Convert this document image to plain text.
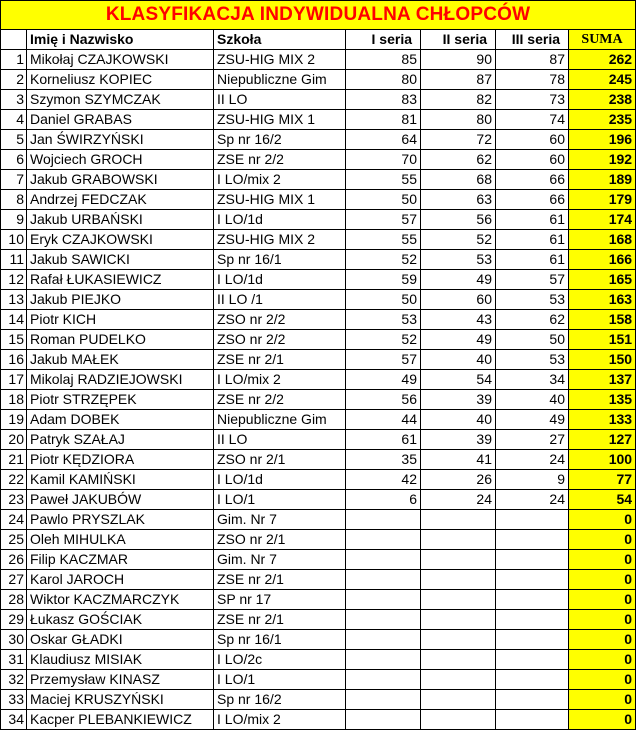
KLASYFIKACJA INDYWIDUALNA CHŁOPCÓW						
	Imię i Nazwisko	Szkoła	I seria	II seria	III seria	SUMA
1	Mikołaj CZAJKOWSKI	ZSU-HIG MIX 2	85	90	87	262
2	Korneliusz KOPIEC	Niepubliczne Gim	80	87	78	245
3	Szymon SZYMCZAK	II LO	83	82	73	238
4	Daniel GRABAS	ZSU-HIG MIX 1	81	80	74	235
5	Jan ŚWIRZYŃSKI	Sp nr 16/2	64	72	60	196
6	Wojciech GROCH	ZSE nr 2/2	70	62	60	192
7	Jakub GRABOWSKI	I LO/mix 2	55	68	66	189
8	Andrzej FEDCZAK	ZSU-HIG MIX 1	50	63	66	179
9	Jakub URBAŃSKI	I LO/1d	57	56	61	174
10	Eryk CZAJKOWSKI	ZSU-HIG MIX 2	55	52	61	168
11	Jakub SAWICKI	Sp nr 16/1	52	53	61	166
12	Rafał ŁUKASIEWICZ	I LO/1d	59	49	57	165
13	Jakub PIEJKO	II LO /1	50	60	53	163
14	Piotr KICH	ZSO nr 2/2	53	43	62	158
15	Roman PUDELKO	ZSO nr 2/2	52	49	50	151
16	Jakub MAŁEK	ZSE nr 2/1	57	40	53	150
17	Mikolaj RADZIEJOWSKI	I LO/mix 2	49	54	34	137
18	Piotr STRZĘPEK	ZSE nr 2/2	56	39	40	135
19	Adam DOBEK	Niepubliczne Gim	44	40	49	133
20	Patryk SZAŁAJ	II LO	61	39	27	127
21	Piotr KĘDZIORA	ZSO nr 2/1	35	41	24	100
22	Kamil KAMIŃSKI	I LO/1d	42	26	9	77
23	Paweł JAKUBÓW	I LO/1	6	24	24	54
24	Pawlo PRYSZLAK	Gim. Nr 7				0
25	Oleh MIHULKA	ZSO nr 2/1				0
26	Filip KACZMAR	Gim. Nr 7				0
27	Karol JAROCH	ZSE nr 2/1				0
28	Wiktor KACZMARCZYK	SP nr 17				0
29	Łukasz GOŚCIAK	ZSE nr 2/1				0
30	Oskar GŁADKI	Sp nr 16/1				0
31	Klaudiusz MISIAK	I LO/2c				0
32	Przemysław KINASZ	I LO/1				0
33	Maciej KRUSZYŃSKI	Sp nr 16/2				0
34	Kacper PLEBANKIEWICZ	I LO/mix 2				0
